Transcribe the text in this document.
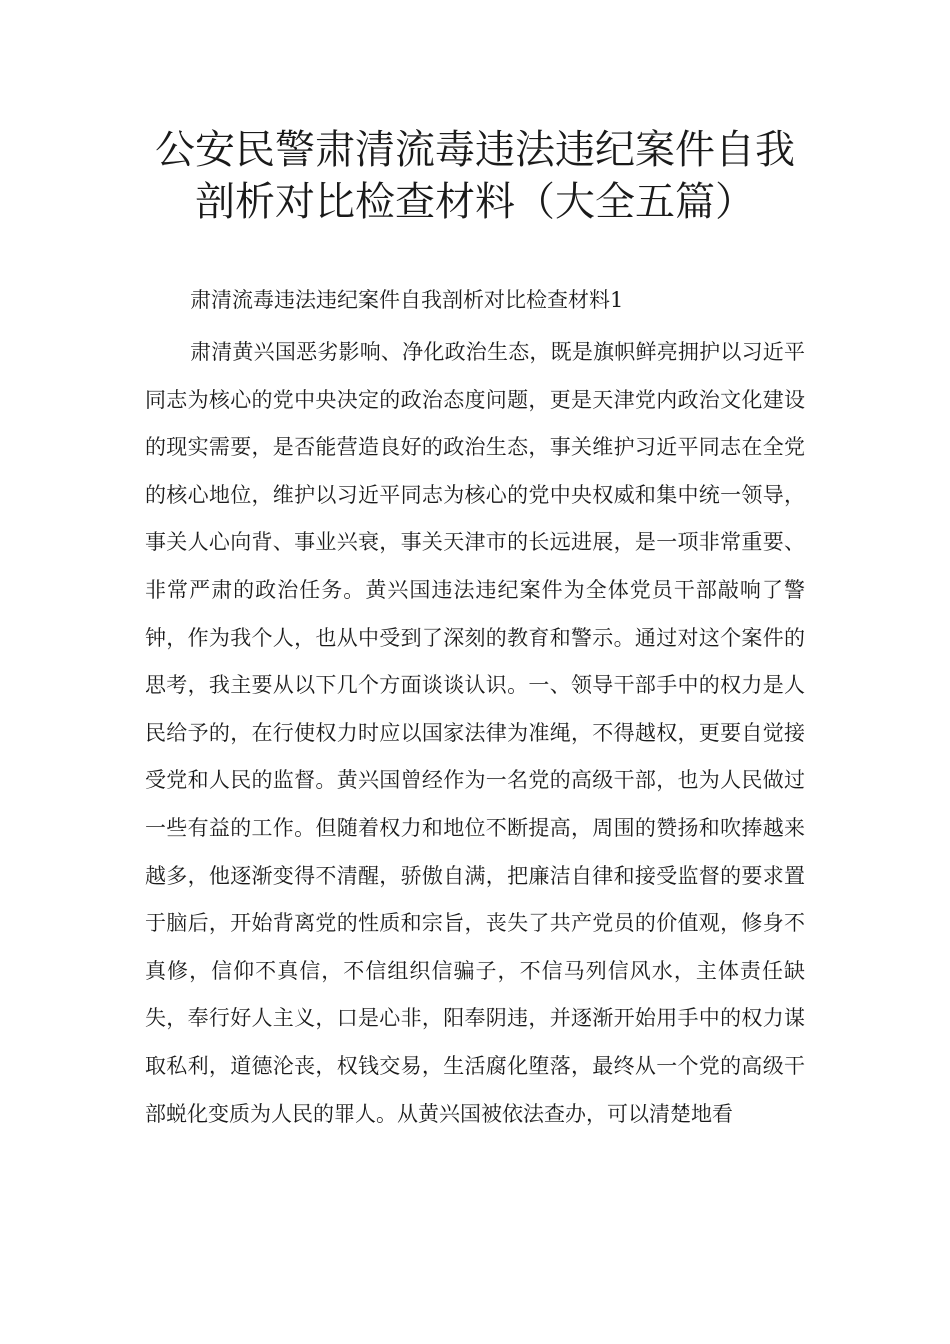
公安民警肃清流毒违法违纪案件自我剖析对比检查材料（大全五篇）

肃清流毒违法违纪案件自我剖析对比检查材料1

肃清黄兴国恶劣影响、净化政治生态，既是旗帜鲜亮拥护以习近平同志为核心的党中央决定的政治态度问题，更是天津党内政治文化建设的现实需要，是否能营造良好的政治生态，事关维护习近平同志在全党的核心地位，维护以习近平同志为核心的党中央权威和集中统一领导，事关人心向背、事业兴衰，事关天津市的长远进展，是一项非常重要、非常严肃的政治任务。黄兴国违法违纪案件为全体党员干部敲响了警钟，作为我个人，也从中受到了深刻的教育和警示。通过对这个案件的思考，我主要从以下几个方面谈谈认识。一、领导干部手中的权力是人民给予的，在行使权力时应以国家法律为准绳，不得越权，更要自觉接受党和人民的监督。黄兴国曾经作为一名党的高级干部，也为人民做过一些有益的工作。但随着权力和地位不断提高，周围的赞扬和吹捧越来越多，他逐渐变得不清醒，骄傲自满，把廉洁自律和接受监督的要求置于脑后，开始背离党的性质和宗旨，丧失了共产党员的价值观，修身不真修，信仰不真信，不信组织信骗子，不信马列信风水，主体责任缺失，奉行好人主义，口是心非，阳奉阴违，并逐渐开始用手中的权力谋取私利，道德沦丧，权钱交易，生活腐化堕落，最终从一个党的高级干部蜕化变质为人民的罪人。从黄兴国被依法查办，可以清楚地看
